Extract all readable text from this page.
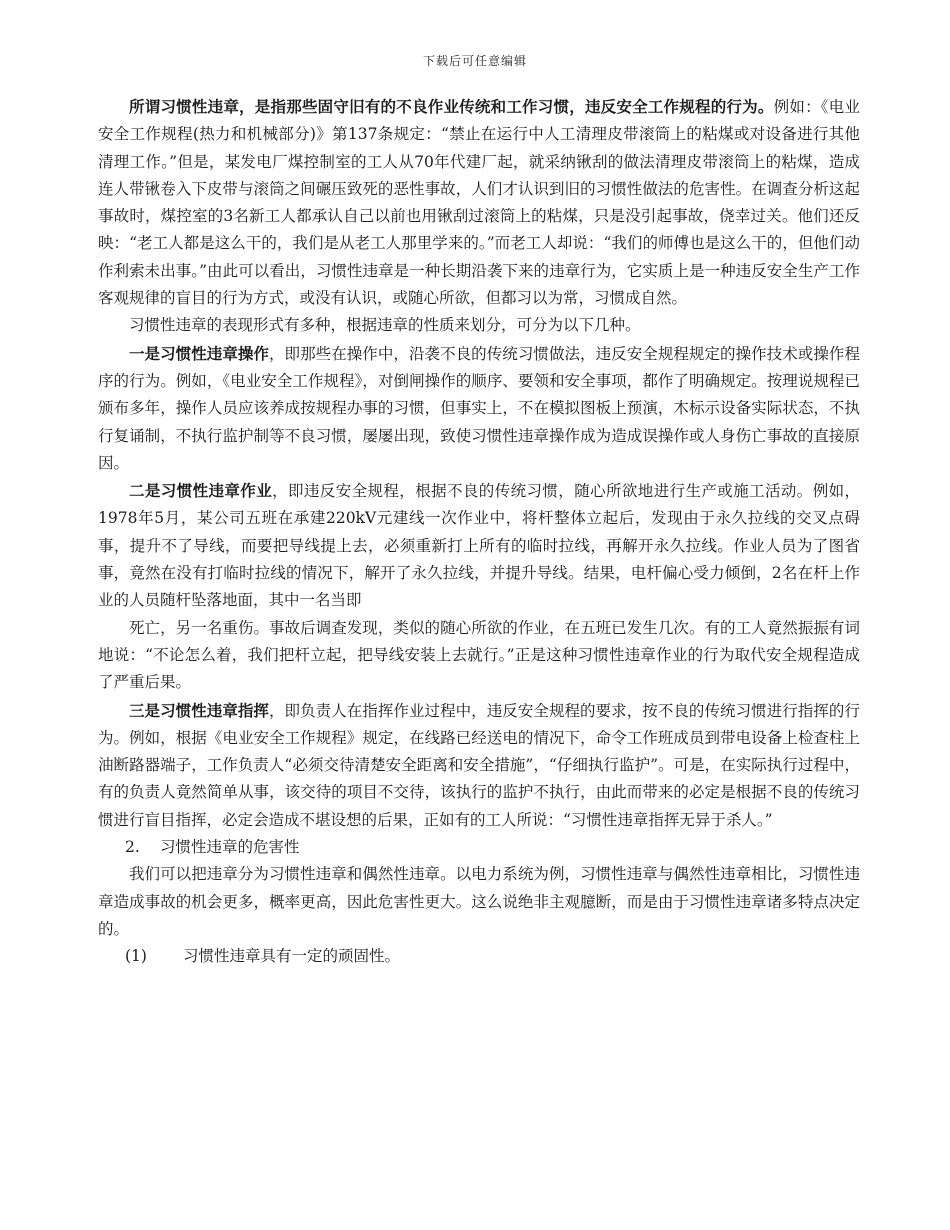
下载后可任意编辑

所谓习惯性违章，是指那些固守旧有的不良作业传统和工作习惯，违反安全工作规程的行为。例如：《电业安全工作规程(热力和机械部分)》第137条规定：“禁止在运行中人工清理皮带滚筒上的粘煤或对设备进行其他清理工作。”但是，某发电厂煤控制室的工人从70年代建厂起，就采纳锹刮的做法清理皮带滚筒上的粘煤，造成连人带锹卷入下皮带与滚筒之间碾压致死的恶性事故，人们才认识到旧的习惯性做法的危害性。在调查分析这起事故时，煤控室的3名新工人都承认自己以前也用锹刮过滚筒上的粘煤，只是没引起事故，侥幸过关。他们还反映：“老工人都是这么干的，我们是从老工人那里学来的。”而老工人却说：“我们的师傅也是这么干的，但他们动作利索未出事。”由此可以看出，习惯性违章是一种长期沿袭下来的违章行为，它实质上是一种违反安全生产工作客观规律的盲目的行为方式，或没有认识，或随心所欲，但都习以为常，习惯成自然。

习惯性违章的表现形式有多种，根据违章的性质来划分，可分为以下几种。

一是习惯性违章操作，即那些在操作中，沿袭不良的传统习惯做法，违反安全规程规定的操作技术或操作程序的行为。例如，《电业安全工作规程》，对倒闸操作的顺序、要领和安全事项，都作了明确规定。按理说规程已颁布多年，操作人员应该养成按规程办事的习惯，但事实上，不在模拟图板上预演，木标示设备实际状态，不执行复诵制，不执行监护制等不良习惯，屡屡出现，致使习惯性违章操作成为造成误操作或人身伤亡事故的直接原因。

二是习惯性违章作业，即违反安全规程，根据不良的传统习惯，随心所欲地进行生产或施工活动。例如，1978年5月，某公司五班在承建220kV元建线一次作业中，将杆整体立起后，发现由于永久拉线的交叉点碍事，提升不了导线，而要把导线提上去，必须重新打上所有的临时拉线，再解开永久拉线。作业人员为了图省事，竟然在没有打临时拉线的情况下，解开了永久拉线，并提升导线。结果，电杆偏心受力倾倒，2名在杆上作业的人员随杆坠落地面，其中一名当即

死亡，另一名重伤。事故后调查发现，类似的随心所欲的作业，在五班已发生几次。有的工人竟然振振有词地说：“不论怎么着，我们把杆立起，把导线安装上去就行。”正是这种习惯性违章作业的行为取代安全规程造成了严重后果。

三是习惯性违章指挥，即负责人在指挥作业过程中，违反安全规程的要求，按不良的传统习惯进行指挥的行为。例如，根据《电业安全工作规程》规定，在线路已经送电的情况下，命令工作班成员到带电设备上检查柱上油断路器端子，工作负责人“必须交待清楚安全距离和安全措施”，“仔细执行监护”。可是，在实际执行过程中，有的负责人竟然简单从事，该交待的项目不交待，该执行的监护不执行，由此而带来的必定是根据不良的传统习惯进行盲目指挥，必定会造成不堪设想的后果，正如有的工人所说：“习惯性违章指挥无异于杀人。”

2.	习惯性违章的危害性

我们可以把违章分为习惯性违章和偶然性违章。以电力系统为例，习惯性违章与偶然性违章相比，习惯性违章造成事故的机会更多，概率更高，因此危害性更大。这么说绝非主观臆断，而是由于习惯性违章诸多特点决定的。

(1)	习惯性违章具有一定的顽固性。
